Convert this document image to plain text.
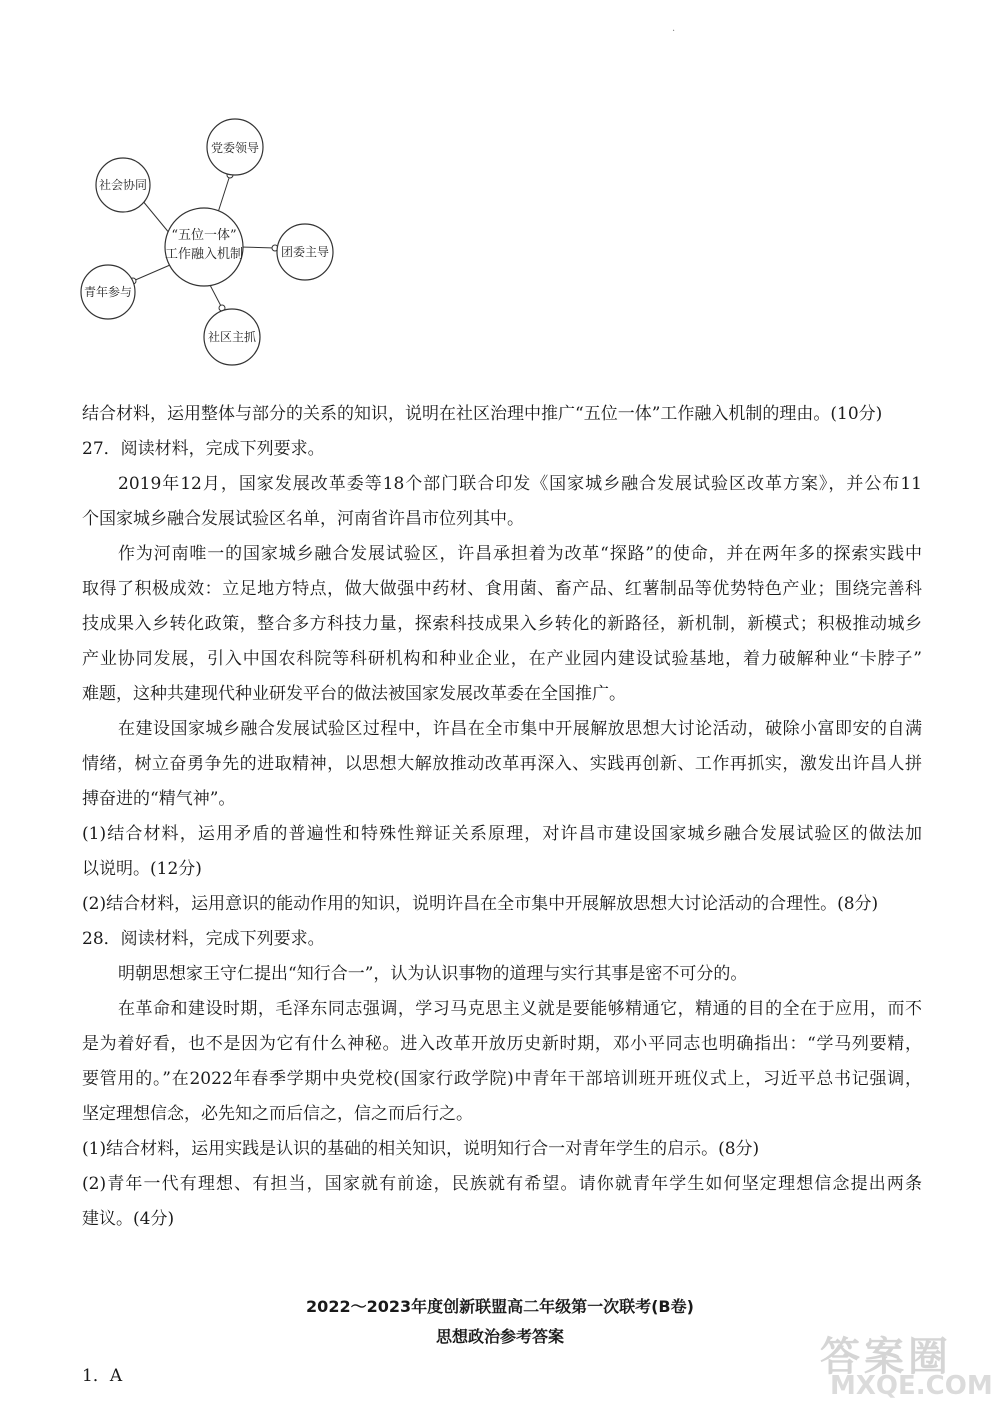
·
“五位一体”
工作融入机制
党委领导
社会协同
团委主导
青年参与
社区主抓
结合材料，运用整体与部分的关系的知识，说明在社区治理中推广“五位一体”工作融入机制的理由。(10分)
27．阅读材料，完成下列要求。
2019年12月，国家发展改革委等18个部门联合印发《国家城乡融合发展试验区改革方案》，并公布11
个国家城乡融合发展试验区名单，河南省许昌市位列其中。
作为河南唯一的国家城乡融合发展试验区，许昌承担着为改革“探路”的使命，并在两年多的探索实践中
取得了积极成效：立足地方特点，做大做强中药材、食用菌、畜产品、红薯制品等优势特色产业；围绕完善科
技成果入乡转化政策，整合多方科技力量，探索科技成果入乡转化的新路径，新机制，新模式；积极推动城乡
产业协同发展，引入中国农科院等科研机构和种业企业，在产业园内建设试验基地，着力破解种业“卡脖子”
难题，这种共建现代种业研发平台的做法被国家发展改革委在全国推广。
在建设国家城乡融合发展试验区过程中，许昌在全市集中开展解放思想大讨论活动，破除小富即安的自满
情绪，树立奋勇争先的进取精神，以思想大解放推动改革再深入、实践再创新、工作再抓实，激发出许昌人拼
搏奋进的“精气神”。
(1)结合材料，运用矛盾的普遍性和特殊性辩证关系原理，对许昌市建设国家城乡融合发展试验区的做法加
以说明。(12分)
(2)结合材料，运用意识的能动作用的知识，说明许昌在全市集中开展解放思想大讨论活动的合理性。(8分)
28．阅读材料，完成下列要求。
明朝思想家王守仁提出“知行合一”，认为认识事物的道理与实行其事是密不可分的。
在革命和建设时期，毛泽东同志强调，学习马克思主义就是要能够精通它，精通的目的全在于应用，而不
是为着好看，也不是因为它有什么神秘。进入改革开放历史新时期，邓小平同志也明确指出：“学马列要精，
要管用的。”在2022年春季学期中央党校(国家行政学院)中青年干部培训班开班仪式上，习近平总书记强调，
坚定理想信念，必先知之而后信之，信之而后行之。
(1)结合材料，运用实践是认识的基础的相关知识，说明知行合一对青年学生的启示。(8分)
(2)青年一代有理想、有担当，国家就有前途，民族就有希望。请你就青年学生如何坚定理想信念提出两条
建议。(4分)
2022～2023年度创新联盟高二年级第一次联考(B卷)
思想政治参考答案
1．A	答案圈
MXQE.COM
